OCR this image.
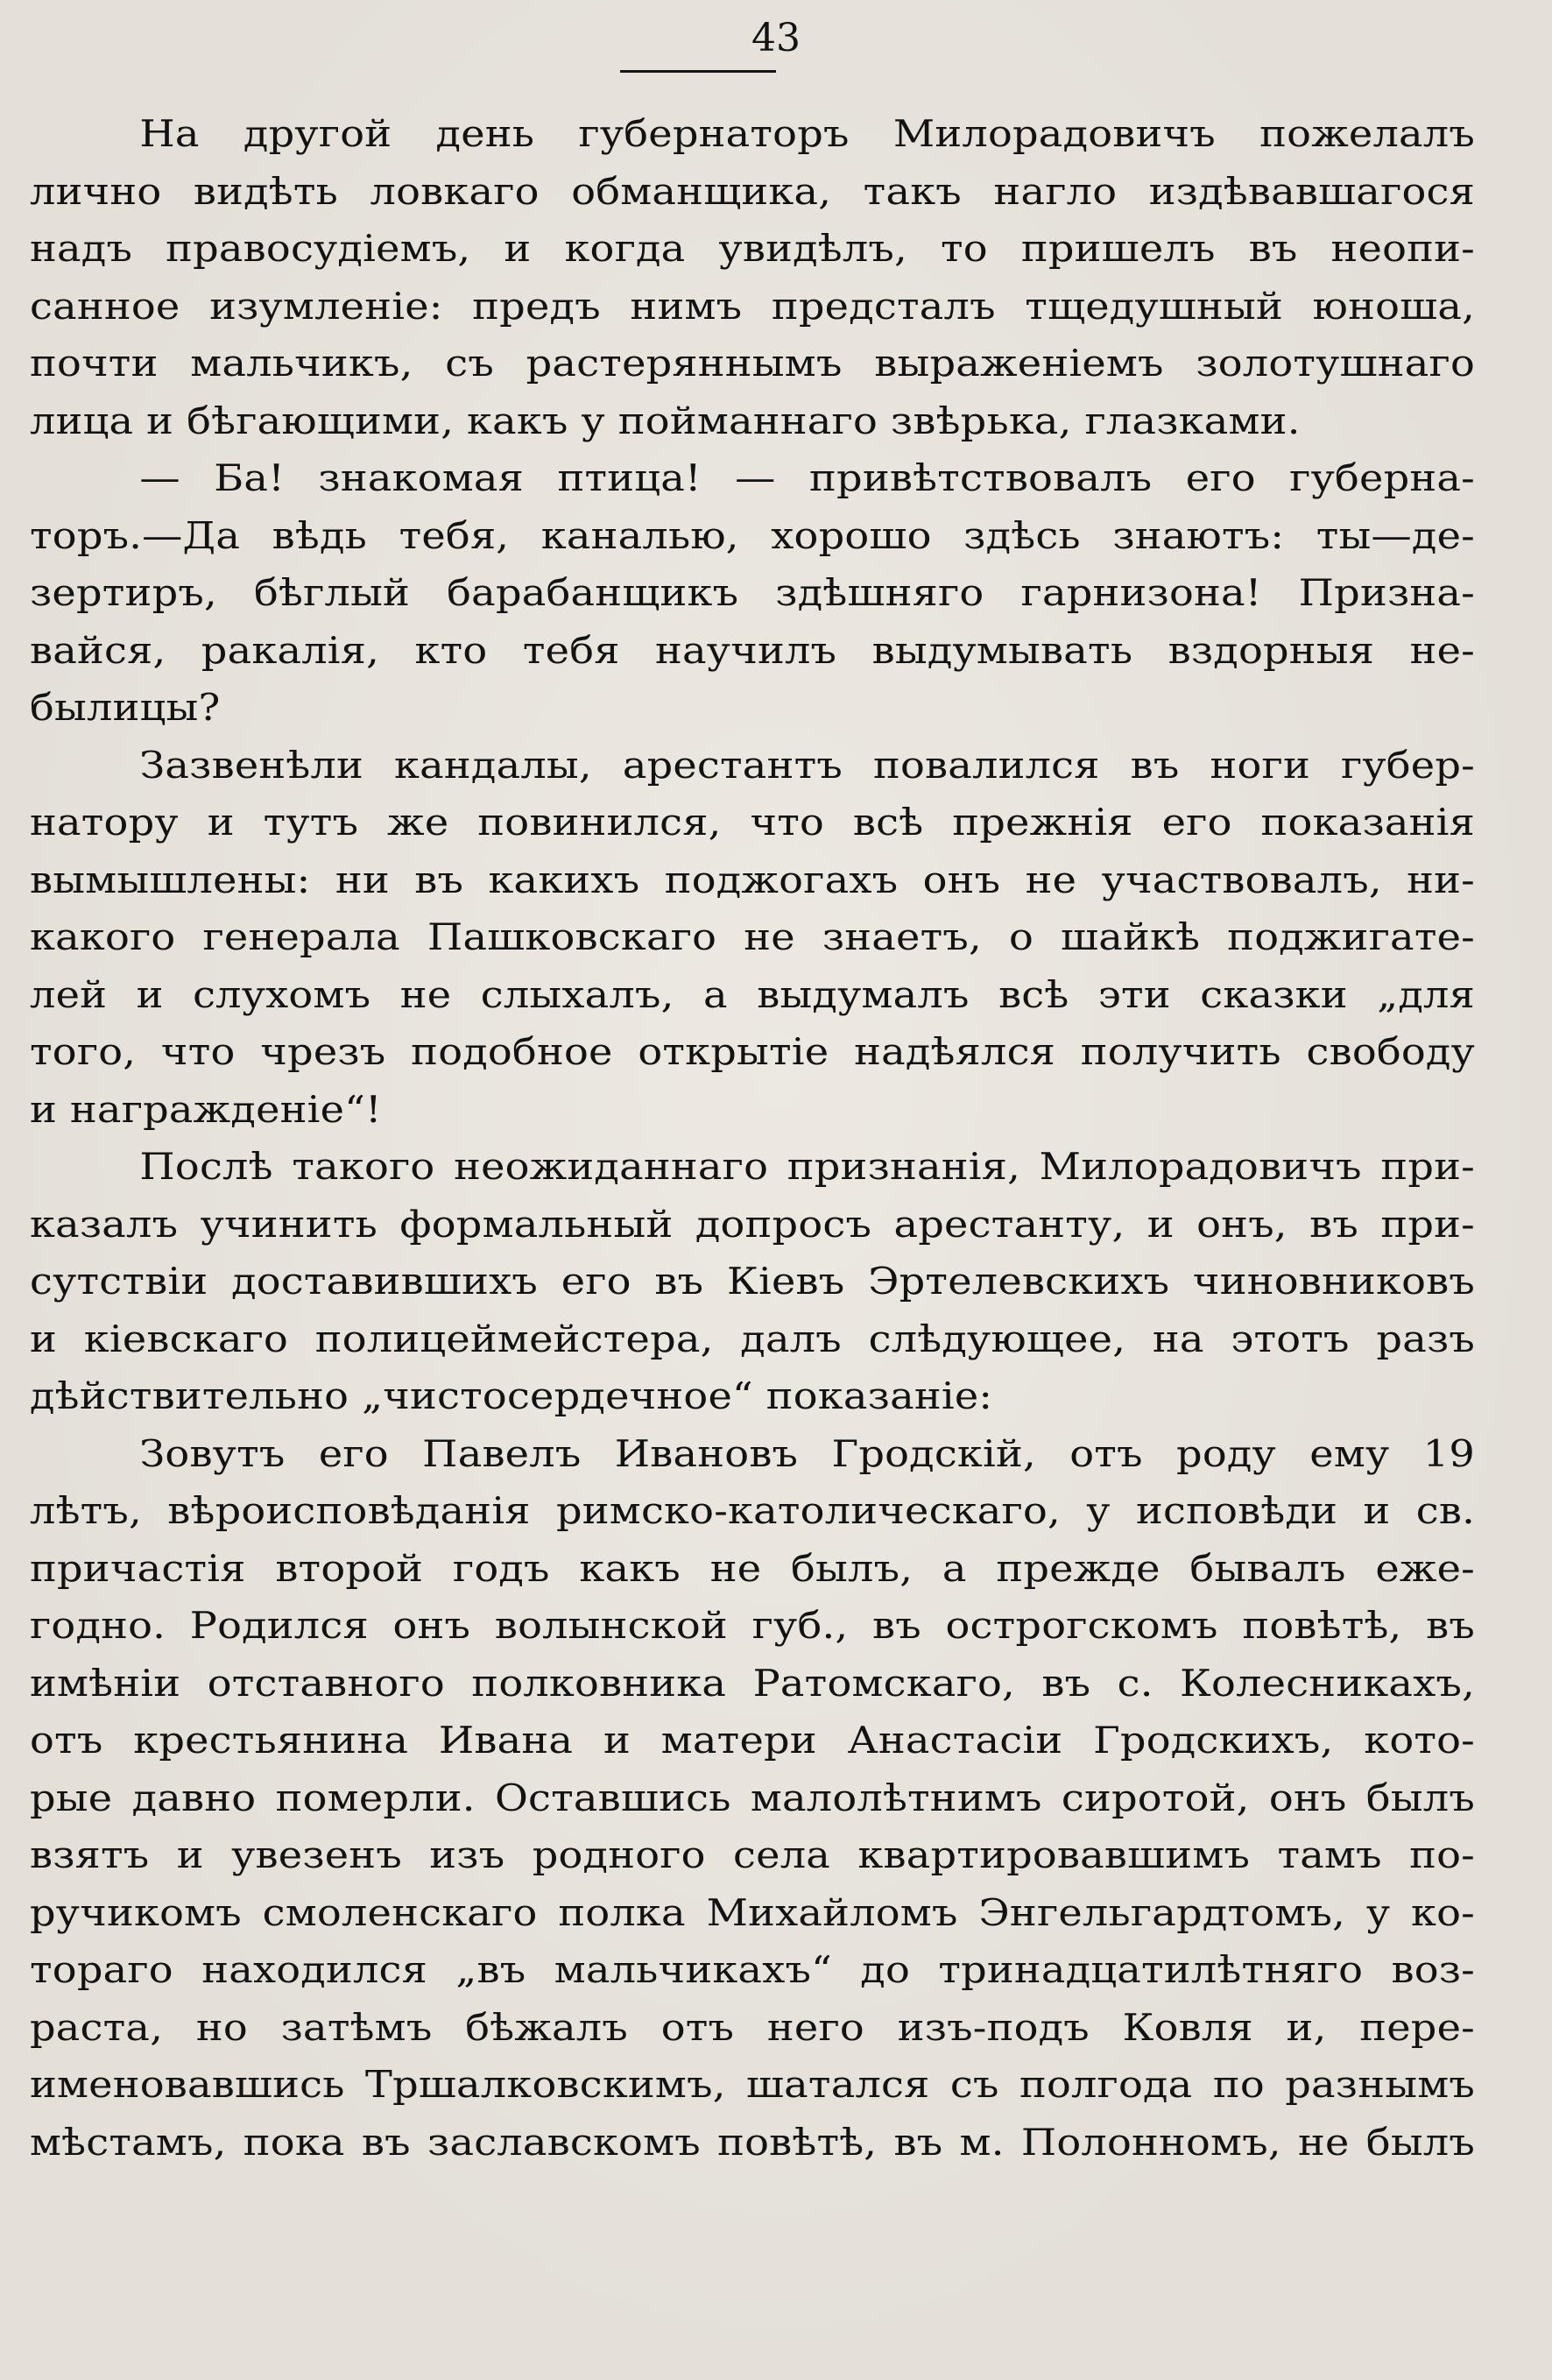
43
На другой день губернаторъ Милорадовичъ пожелалъ
лично видѣть ловкаго обманщика, такъ нагло издѣвавшагося
надъ правосудіемъ, и когда увидѣлъ, то пришелъ въ неопи-
санное изумленіе: предъ нимъ предсталъ тщедушный юноша,
почти мальчикъ, съ растеряннымъ выраженіемъ золотушнаго
лица и бѣгающими, какъ у пойманнаго звѣрька, глазками.
— Ба! знакомая птица! — привѣтствовалъ его губерна-
торъ.—Да вѣдь тебя, каналью, хорошо здѣсь знаютъ: ты—де-
зертиръ, бѣглый барабанщикъ здѣшняго гарнизона! Призна-
вайся, ракалія, кто тебя научилъ выдумывать вздорныя не-
былицы?
Зазвенѣли кандалы, арестантъ повалился въ ноги губер-
натору и тутъ же повинился, что всѣ прежнія его показанія
вымышлены: ни въ какихъ поджогахъ онъ не участвовалъ, ни-
какого генерала Пашковскаго не знаетъ, о шайкѣ поджигате-
лей и слухомъ не слыхалъ, а выдумалъ всѣ эти сказки „для
того, что чрезъ подобное открытіе надѣялся получить свободу
и награжденіе“!
Послѣ такого неожиданнаго признанія, Милорадовичъ при-
казалъ учинить формальный допросъ арестанту, и онъ, въ при-
сутствіи доставившихъ его въ Кіевъ Эртелевскихъ чиновниковъ
и кіевскаго полицеймейстера, далъ слѣдующее, на этотъ разъ
дѣйствительно „чистосердечное“ показаніе:
Зовутъ его Павелъ Ивановъ Гродскій, отъ роду ему 19
лѣтъ, вѣроисповѣданія римско-католическаго, у исповѣди и св.
причастія второй годъ какъ не былъ, а прежде бывалъ еже-
годно. Родился онъ волынской губ., въ острогскомъ повѣтѣ, въ
имѣніи отставного полковника Ратомскаго, въ с. Колесникахъ,
отъ крестьянина Ивана и матери Анастасіи Гродскихъ, кото-
рые давно померли. Оставшись малолѣтнимъ сиротой, онъ былъ
взятъ и увезенъ изъ родного села квартировавшимъ тамъ по-
ручикомъ смоленскаго полка Михайломъ Энгельгардтомъ, у ко-
тораго находился „въ мальчикахъ“ до тринадцатилѣтняго воз-
раста, но затѣмъ бѣжалъ отъ него изъ-подъ Ковля и, пере-
именовавшись Тршалковскимъ, шатался съ полгода по разнымъ
мѣстамъ, пока въ заславскомъ повѣтѣ, въ м. Полонномъ, не былъ
